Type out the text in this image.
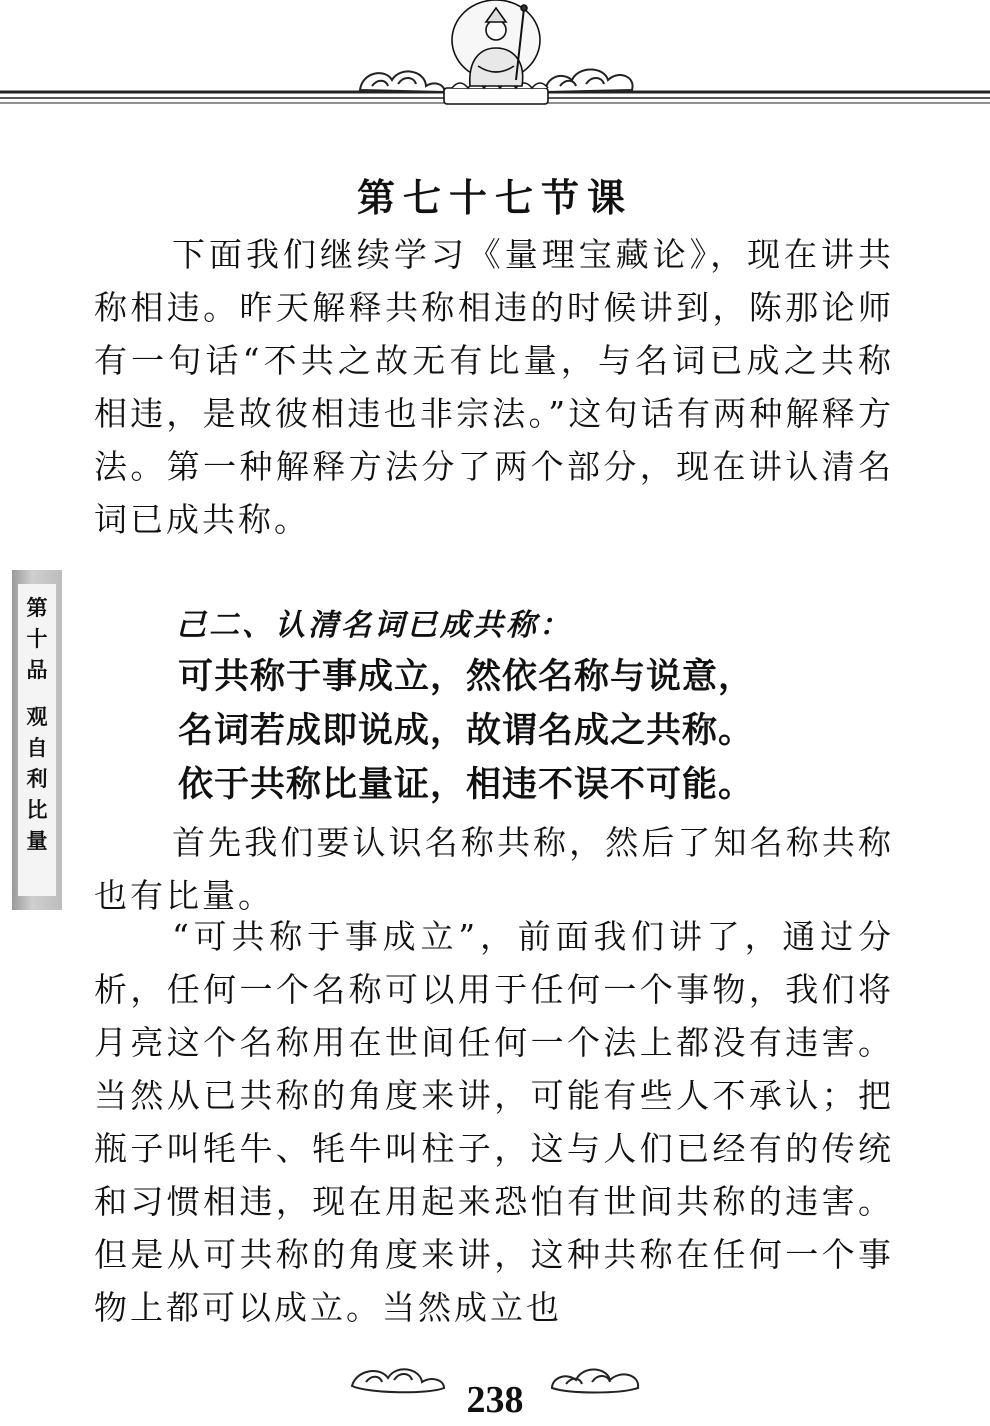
第七十七节课

下面我们继续学习《量理宝藏论》，现在讲共称相违。昨天解释共称相违的时候讲到，陈那论师有一句话“不共之故无有比量，与名词已成之共称相违，是故彼相违也非宗法。”这句话有两种解释方法。第一种解释方法分了两个部分，现在讲认清名词已成共称。

第十品
观自利比量

己二、认清名词已成共称：
可共称于事成立，然依名称与说意，
名词若成即说成，故谓名成之共称。
依于共称比量证，相违不误不可能。

首先我们要认识名称共称，然后了知名称共称也有比量。

“可共称于事成立”，前面我们讲了，通过分析，任何一个名称可以用于任何一个事物，我们将月亮这个名称用在世间任何一个法上都没有违害。当然从已共称的角度来讲，可能有些人不承认；把瓶子叫牦牛、牦牛叫柱子，这与人们已经有的传统和习惯相违，现在用起来恐怕有世间共称的违害。但是从可共称的角度来讲，这种共称在任何一个事物上都可以成立。当然成立也

238
